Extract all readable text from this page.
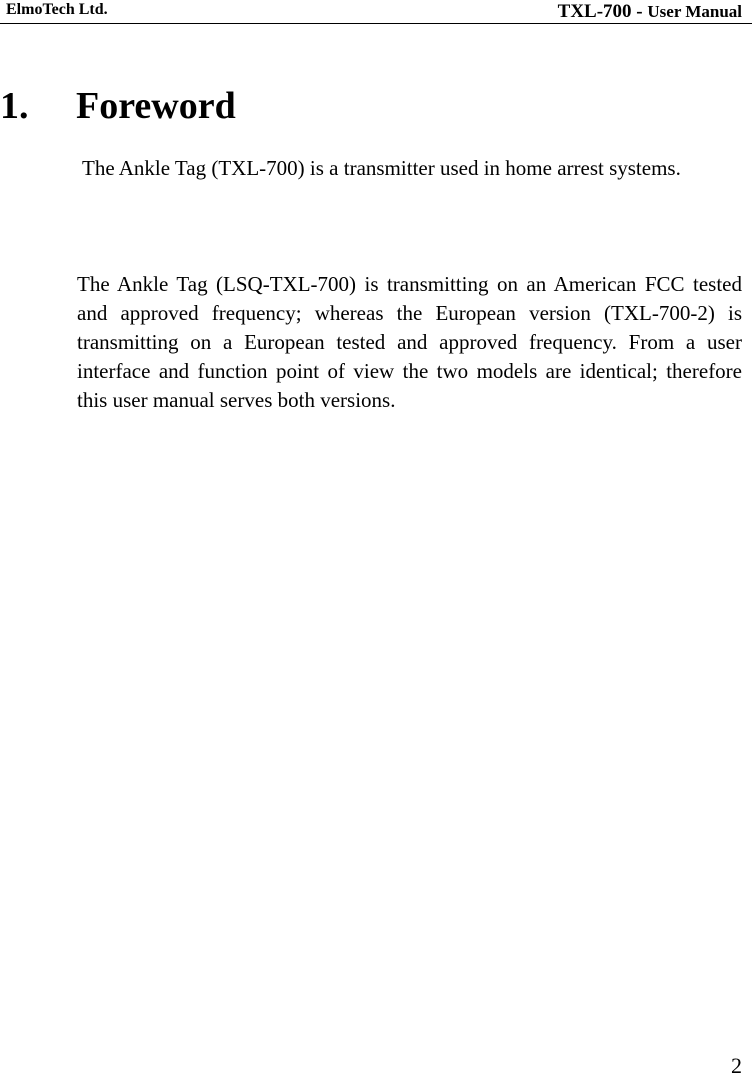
ElmoTech Ltd.	TXL-700 - User Manual
1. Foreword

The Ankle Tag (TXL-700) is a transmitter used in home arrest systems.

The Ankle Tag (LSQ-TXL-700) is transmitting on an American FCC tested and approved frequency; whereas the European version (TXL-700-2) is transmitting on a European tested and approved frequency. From a user interface and function point of view the two models are identical; therefore this user manual serves both versions.

2
